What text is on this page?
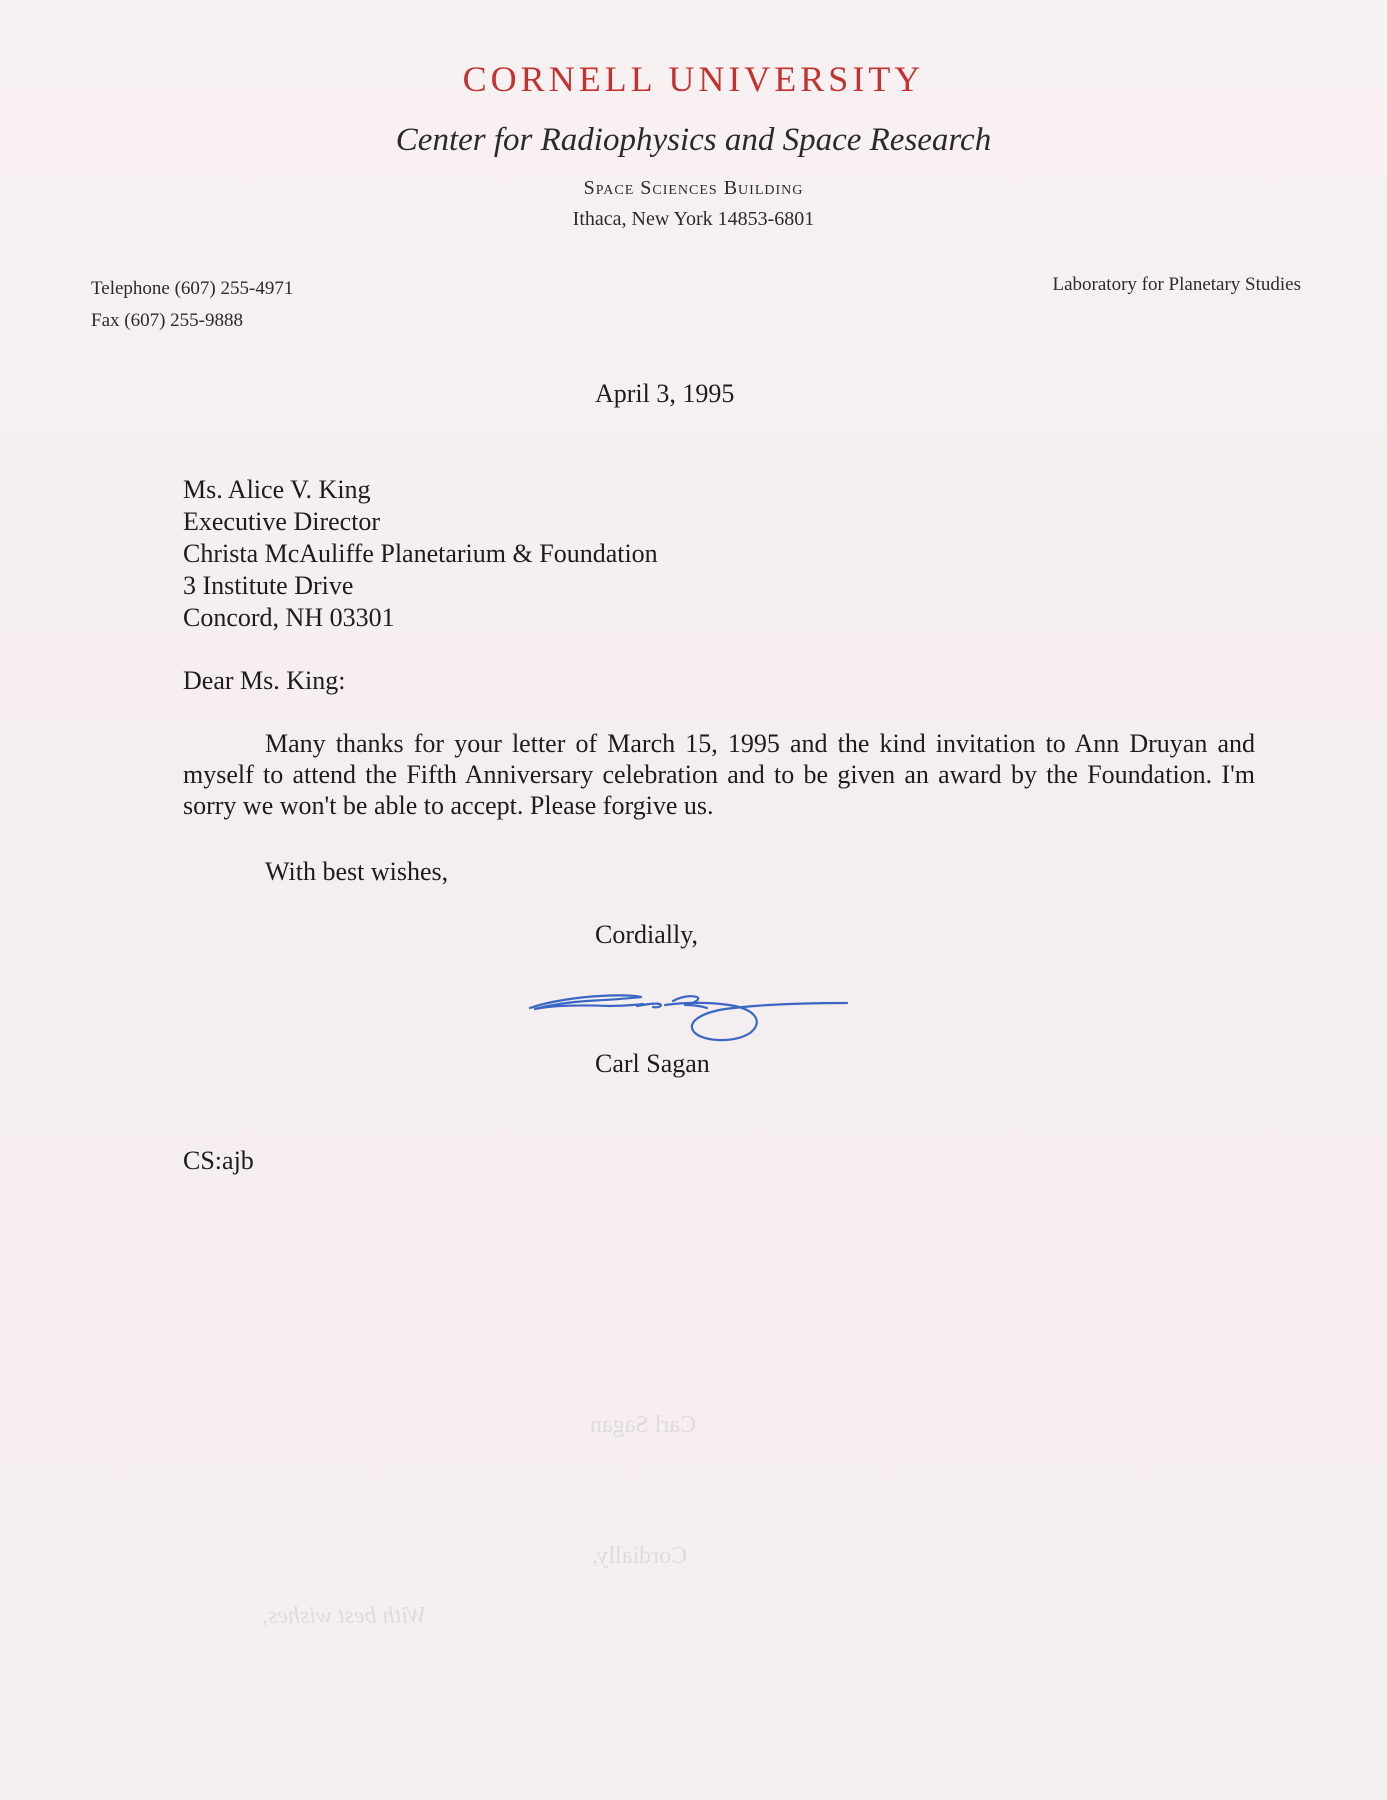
CORNELL UNIVERSITY
Center for Radiophysics and Space Research
Space Sciences Building
Ithaca, New York 14853-6801
Telephone (607) 255-4971
Fax (607) 255-9888
Laboratory for Planetary Studies
April 3, 1995
Ms. Alice V. King
Executive Director
Christa McAuliffe Planetarium & Foundation
3 Institute Drive
Concord, NH 03301
Dear Ms. King:

Many thanks for your letter of March 15, 1995 and the kind invitation to Ann Druyan and myself to attend the Fifth Anniversary celebration and to be given an award by the Foundation. I'm sorry we won't be able to accept. Please forgive us.

With best wishes,
Cordially,
Carl Sagan
CS:ajb
Carl Sagan
Cordially,
With best wishes,
